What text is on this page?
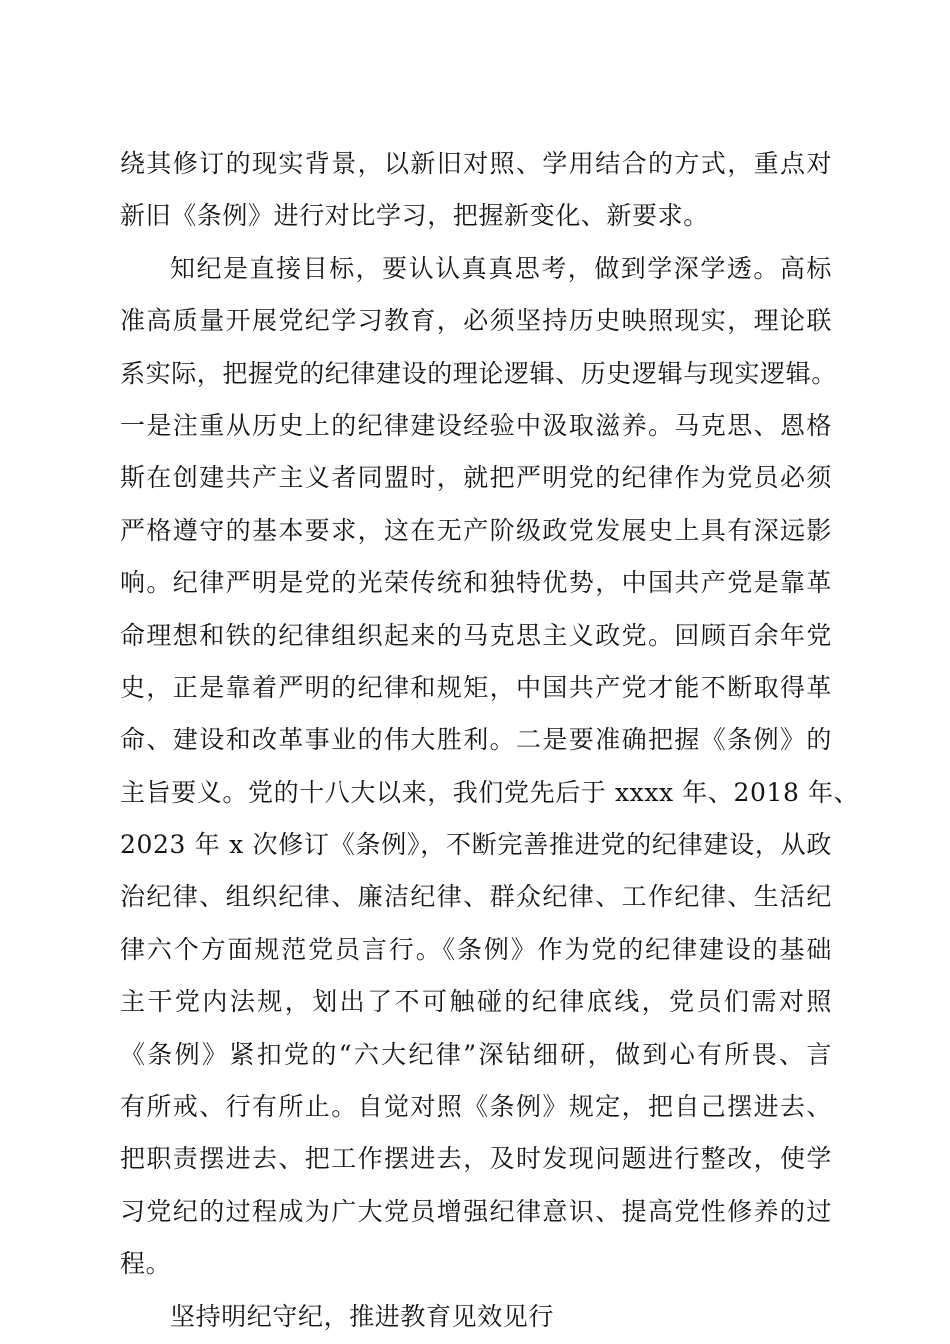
绕其修订的现实背景，以新旧对照、学用结合的方式，重点对
新旧《条例》进行对比学习，把握新变化、新要求。
知纪是直接目标，要认认真真思考，做到学深学透。高标
准高质量开展党纪学习教育，必须坚持历史映照现实，理论联
系实际，把握党的纪律建设的理论逻辑、历史逻辑与现实逻辑。
一是注重从历史上的纪律建设经验中汲取滋养。马克思、恩格
斯在创建共产主义者同盟时，就把严明党的纪律作为党员必须
严格遵守的基本要求，这在无产阶级政党发展史上具有深远影
响。纪律严明是党的光荣传统和独特优势，中国共产党是靠革
命理想和铁的纪律组织起来的马克思主义政党。回顾百余年党
史，正是靠着严明的纪律和规矩，中国共产党才能不断取得革
命、建设和改革事业的伟大胜利。二是要准确把握《条例》的
主旨要义。党的十八大以来，我们党先后于 xxxx 年、2018 年、
2023 年 x 次修订《条例》，不断完善推进党的纪律建设，从政
治纪律、组织纪律、廉洁纪律、群众纪律、工作纪律、生活纪
律六个方面规范党员言行。《条例》作为党的纪律建设的基础
主干党内法规，划出了不可触碰的纪律底线，党员们需对照
《条例》紧扣党的“六大纪律”深钻细研，做到心有所畏、言
有所戒、行有所止。自觉对照《条例》规定，把自己摆进去、
把职责摆进去、把工作摆进去，及时发现问题进行整改，使学
习党纪的过程成为广大党员增强纪律意识、提高党性修养的过
程。
坚持明纪守纪，推进教育见效见行
